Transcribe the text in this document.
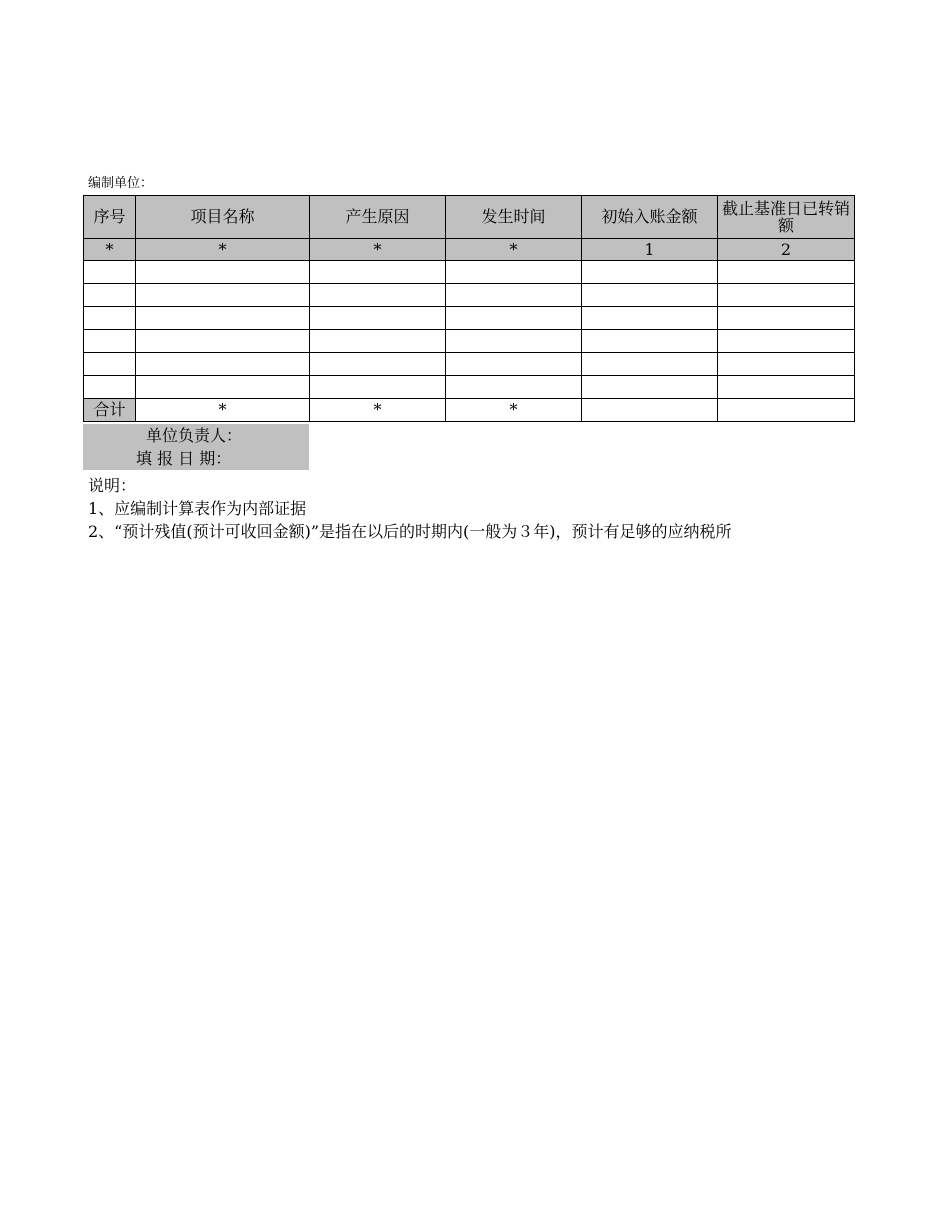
编制单位：
序号	项目名称	产生原因	发生时间	初始入账金额	截止基准日已转销额
*	*	*	*	1	2

合计	*	*	*		
单位负责人：
填 报 日 期：
说明：
1、应编制计算表作为内部证据
2、“预计残值(预计可收回金额)”是指在以后的时期内(一般为３年)，预计有足够的应纳税所
